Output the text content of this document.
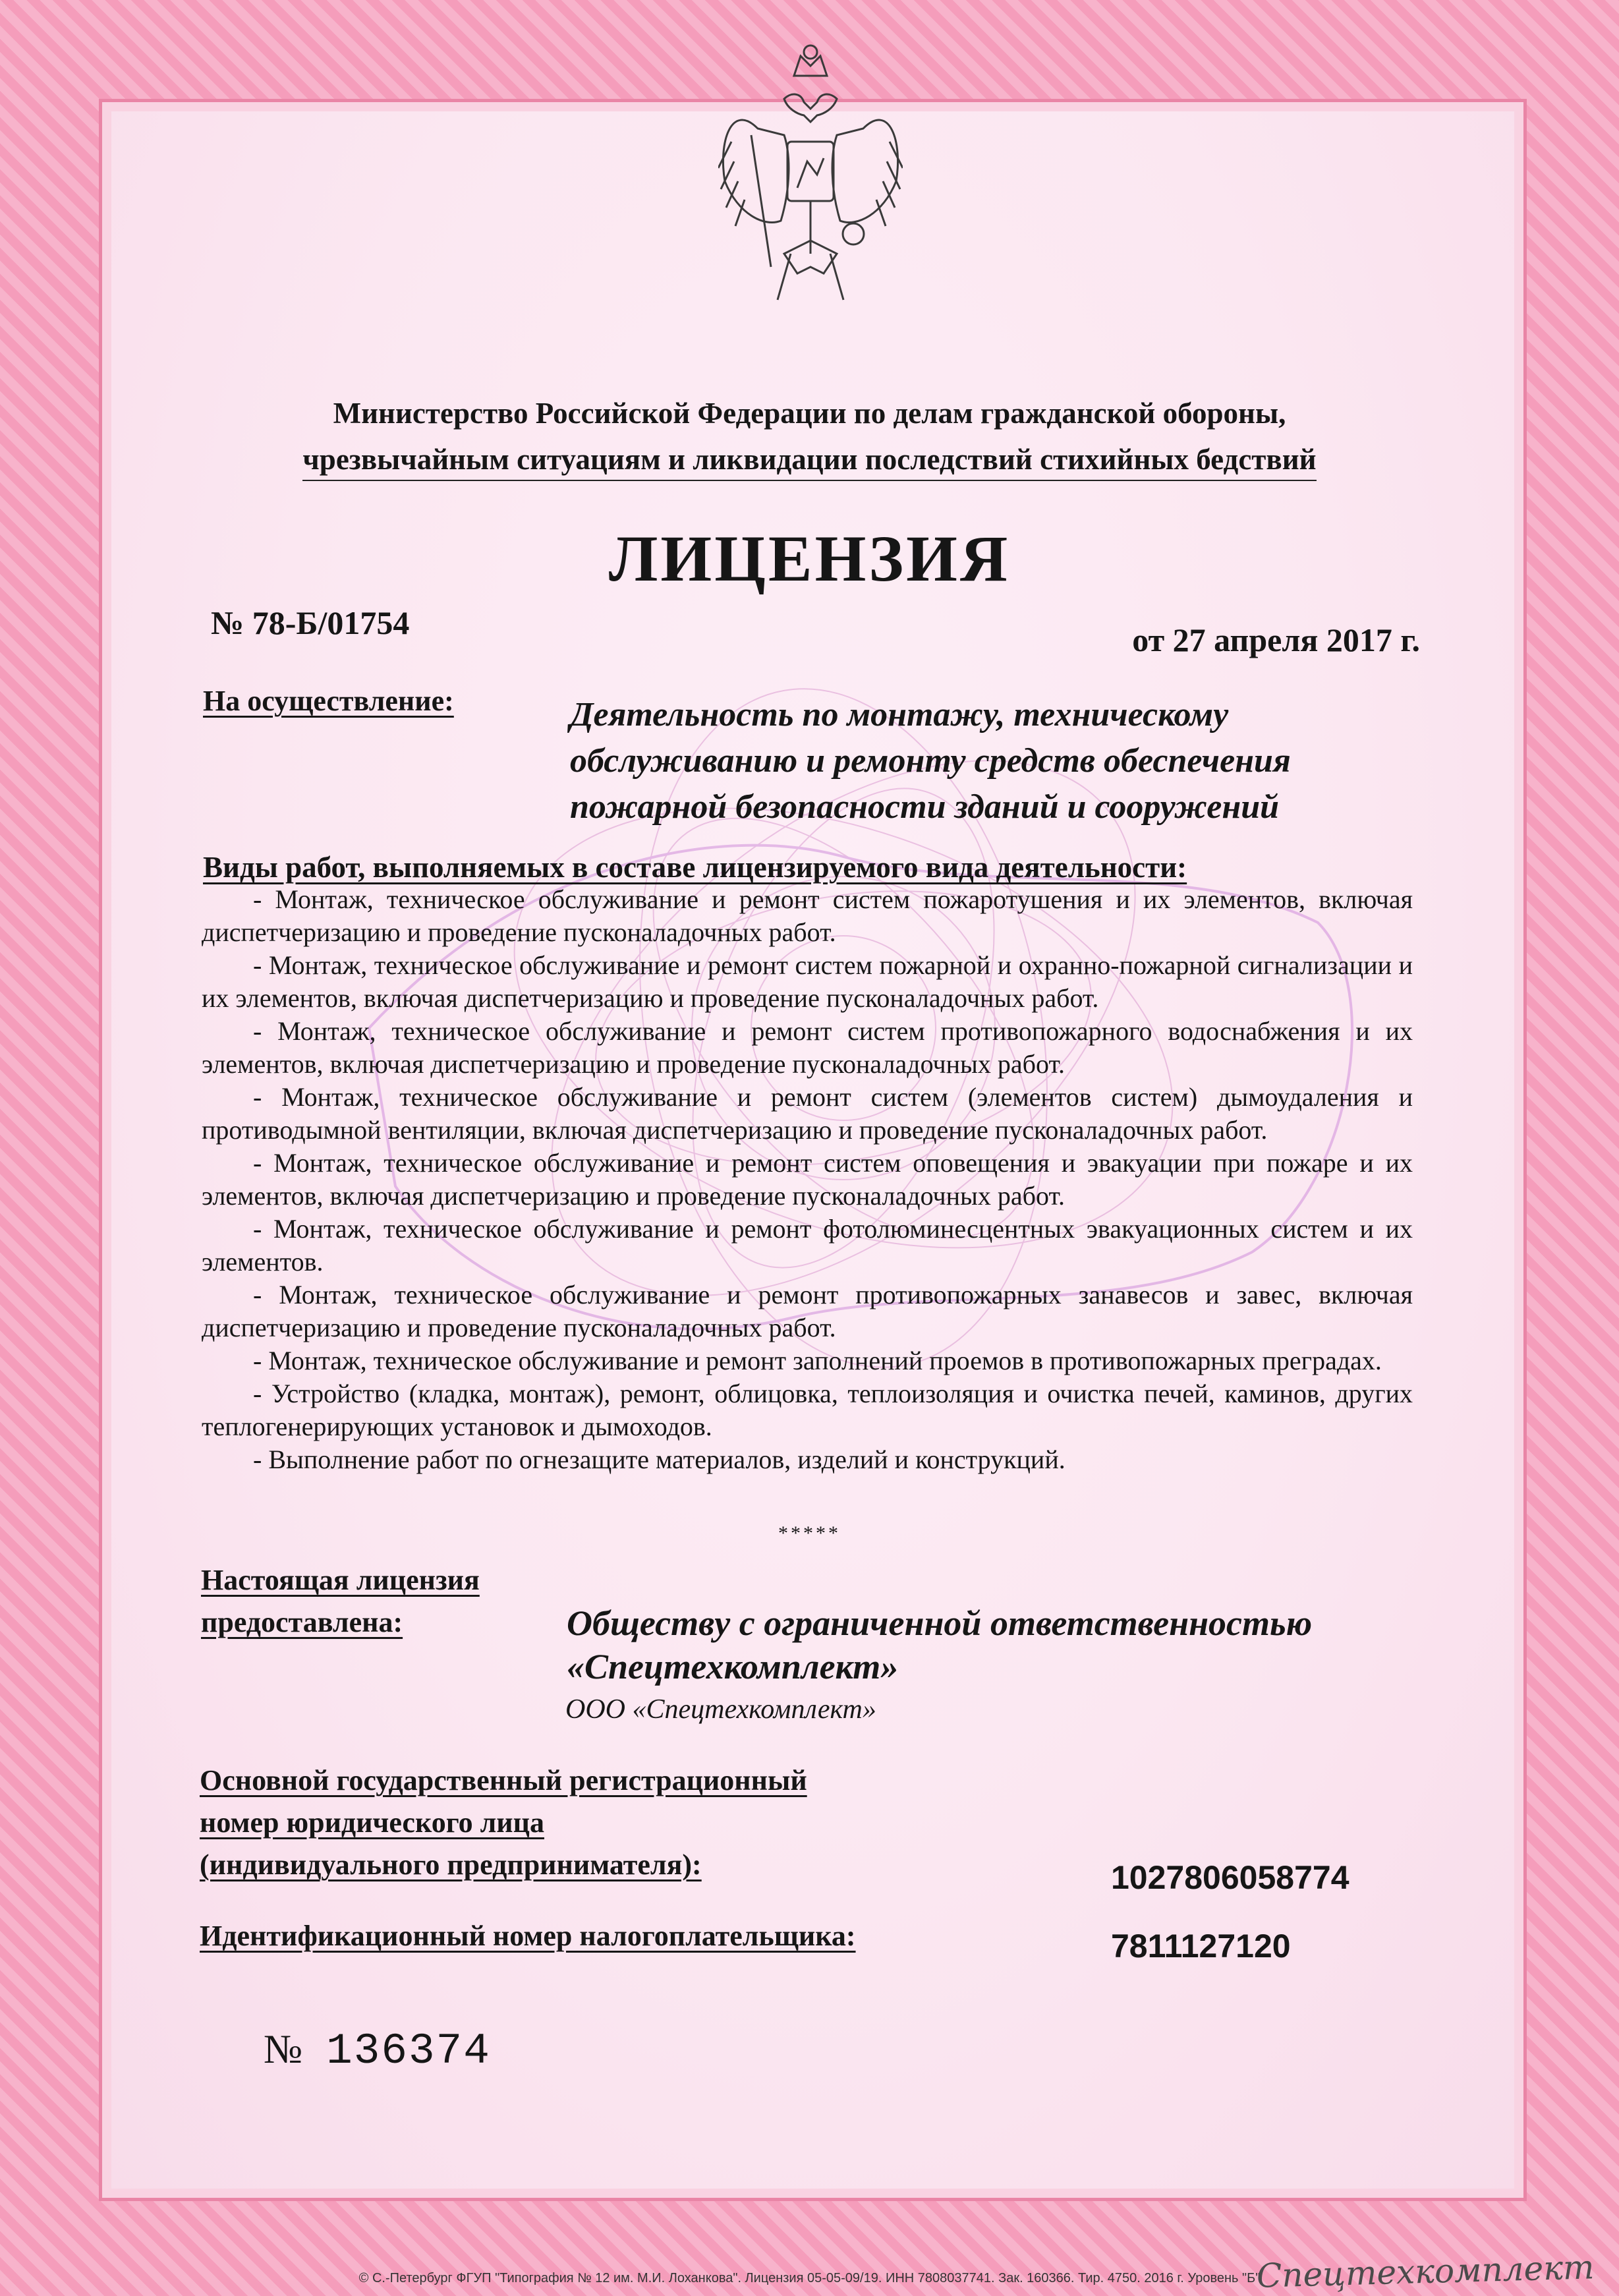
Министерство Российской Федерации по делам гражданской обороны,
чрезвычайным ситуациям и ликвидации последствий стихийных бедствий
ЛИЦЕНЗИЯ
№ 78-Б/01754	от 27 апреля 2017 г.
На осуществление:	Деятельность по монтажу, техническому
обслуживанию и ремонту средств обеспечения
пожарной безопасности зданий и сооружений
Виды работ, выполняемых в составе лицензируемого вида деятельности:

- Монтаж, техническое обслуживание и ремонт систем пожаротушения и их элементов, включая диспетчеризацию и проведение пусконаладочных работ.

- Монтаж, техническое обслуживание и ремонт систем пожарной и охранно-пожарной сигнализации и их элементов, включая диспетчеризацию и проведение пусконаладочных работ.

- Монтаж, техническое обслуживание и ремонт систем противопожарного водоснабжения и их элементов, включая диспетчеризацию и проведение пусконаладочных работ.

- Монтаж, техническое обслуживание и ремонт систем (элементов систем) дымоудаления и противодымной вентиляции, включая диспетчеризацию и проведение пусконаладочных работ.

- Монтаж, техническое обслуживание и ремонт систем оповещения и эвакуации при пожаре и их элементов, включая диспетчеризацию и проведение пусконаладочных работ.

- Монтаж, техническое обслуживание и ремонт фотолюминесцентных эвакуационных систем и их элементов.

- Монтаж, техническое обслуживание и ремонт противопожарных занавесов и завес, включая диспетчеризацию и проведение пусконаладочных работ.

- Монтаж, техническое обслуживание и ремонт заполнений проемов в противопожарных преградах.

- Устройство (кладка, монтаж), ремонт, облицовка, теплоизоляция и очистка печей, каминов, других теплогенерирующих установок и дымоходов.

- Выполнение работ по огнезащите материалов, изделий и конструкций.

*****
Настоящая лицензия
предоставлена:	Обществу с ограниченной ответственностью
«Спецтехкомплект»
ООО «Спецтехкомплект»
Основной государственный регистрационный
номер юридического лица
(индивидуального предпринимателя):	1027806058774
Идентификационный номер налогоплательщика:	7811127120
№ 136374
© С.-Петербург ФГУП "Типография № 12 им. М.И. Лоханкова". Лицензия 05-05-09/19. ИНН 7808037741. Зак. 160366. Тир. 4750. 2016 г. Уровень "Б"
Спецтехкомплект
